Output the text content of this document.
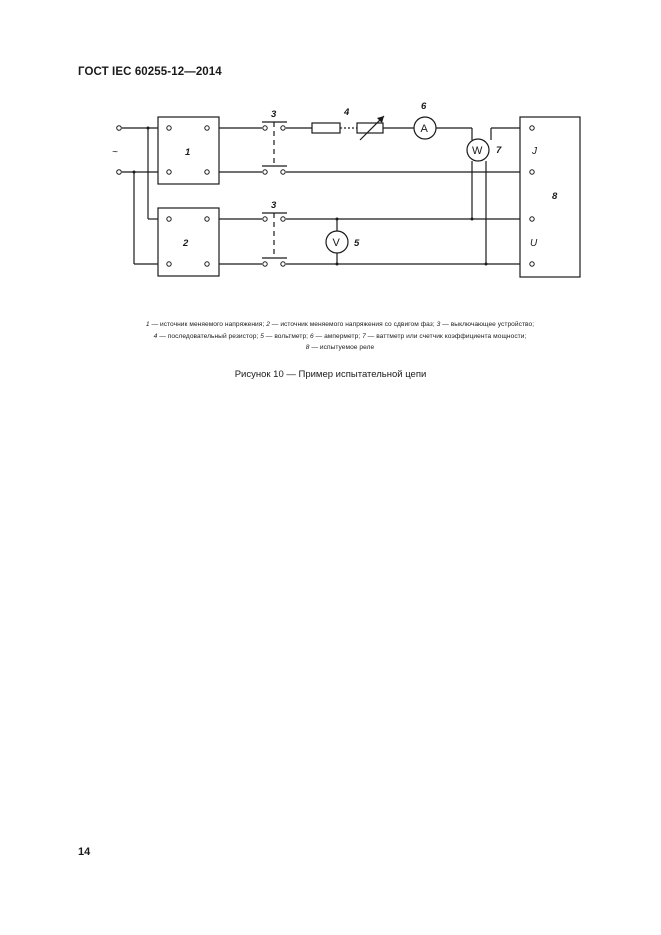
ГОСТ IEC 60255-12—2014
~	1
2
3
3
4
A
6
W 7
V 5
J
U
8
1 — источник меняемого напряжения; 2 — источник меняемого напряжения со сдвигом фаз; 3 — выключающее устройство;
4 — последовательный резистор; 5 — вольтметр; 6 — амперметр; 7 — ваттметр или счетчик коэффициента мощности;
8 — испытуемое реле
Рисунок 10 — Пример испытательной цепи
14
